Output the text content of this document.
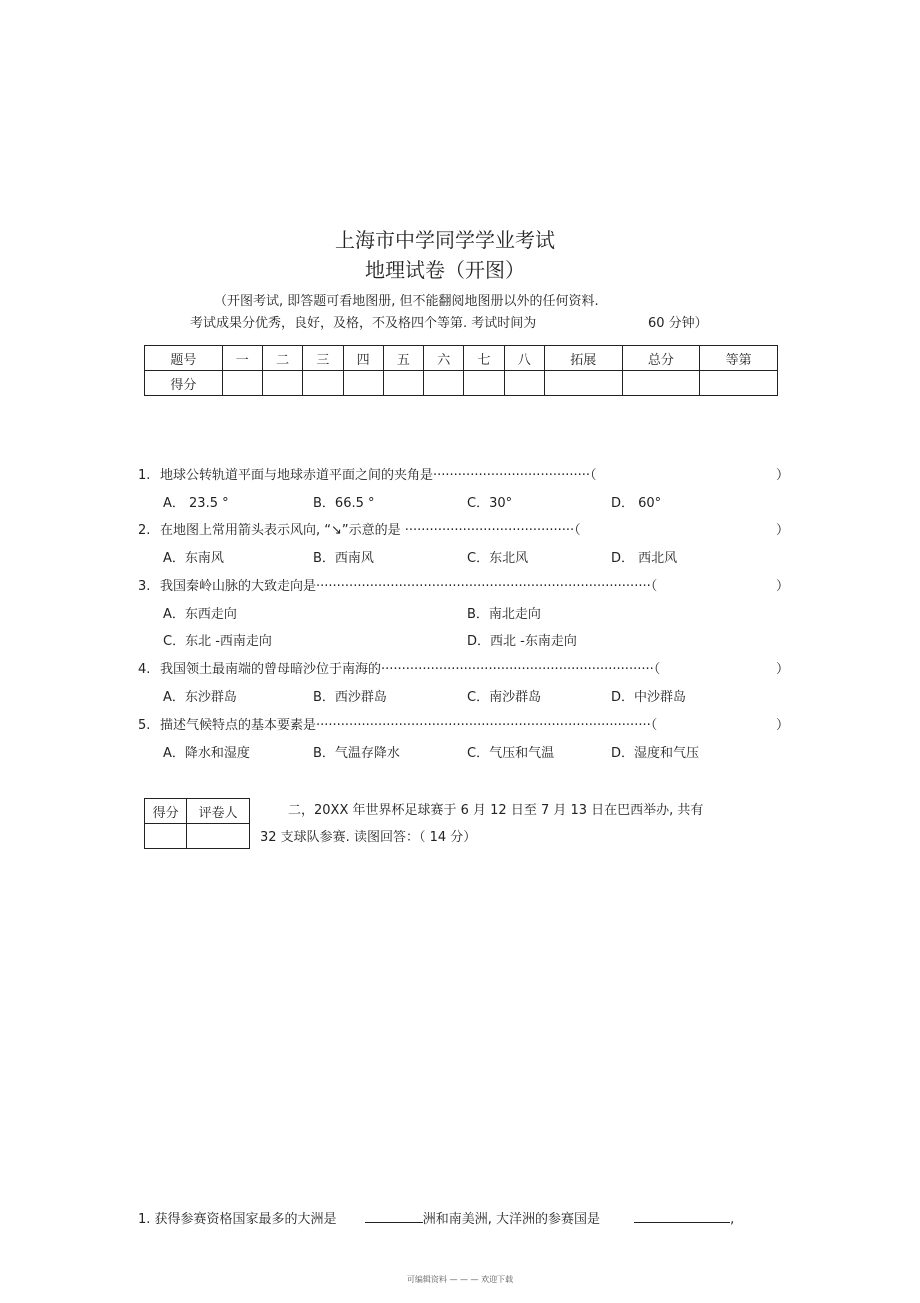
上海市中学同学学业考试
地理试卷（开图）
（开图考试, 即答题可看地图册, 但不能翻阅地图册以外的任何资料.
考试成果分优秀，良好，及格，不及格四个等第. 考试时间为	60 分钟）
题号	一	二	三	四	五	六	七	八	拓展	总分	等第
得分											
1. 地球公转轨道平面与地球赤道平面之间的夹角是······································（	）
A． 23.5 °	B．66.5 °	C．30°	D． 60°
2. 在地图上常用箭头表示风向, “↘”示意的是 ·········································（	）
A．东南风	B．西南风	C．东北风	D． 西北风
3. 我国秦岭山脉的大致走向是·················································································（	）
A．东西走向	B．南北走向
C．东北 -西南走向	D．西北 -东南走向
4. 我国领土最南端的曾母暗沙位于南海的··································································（	）
A．东沙群岛	B．西沙群岛	C．南沙群岛	D．中沙群岛
5. 描述气候特点的基本要素是·················································································（	）
A．降水和湿度	B．气温存降水	C．气压和气温	D．湿度和气压
得分	评卷人
		二，20XX 年世界杯足球赛于 6 月 12 日至 7 月 13 日在巴西举办, 共有
32 支球队参赛. 读图回答：（ 14 分）
1. 获得参赛资格国家最多的大洲是	洲和南美洲, 大洋洲的参赛国是	,
可编辑资料 — — — 欢迎下载
